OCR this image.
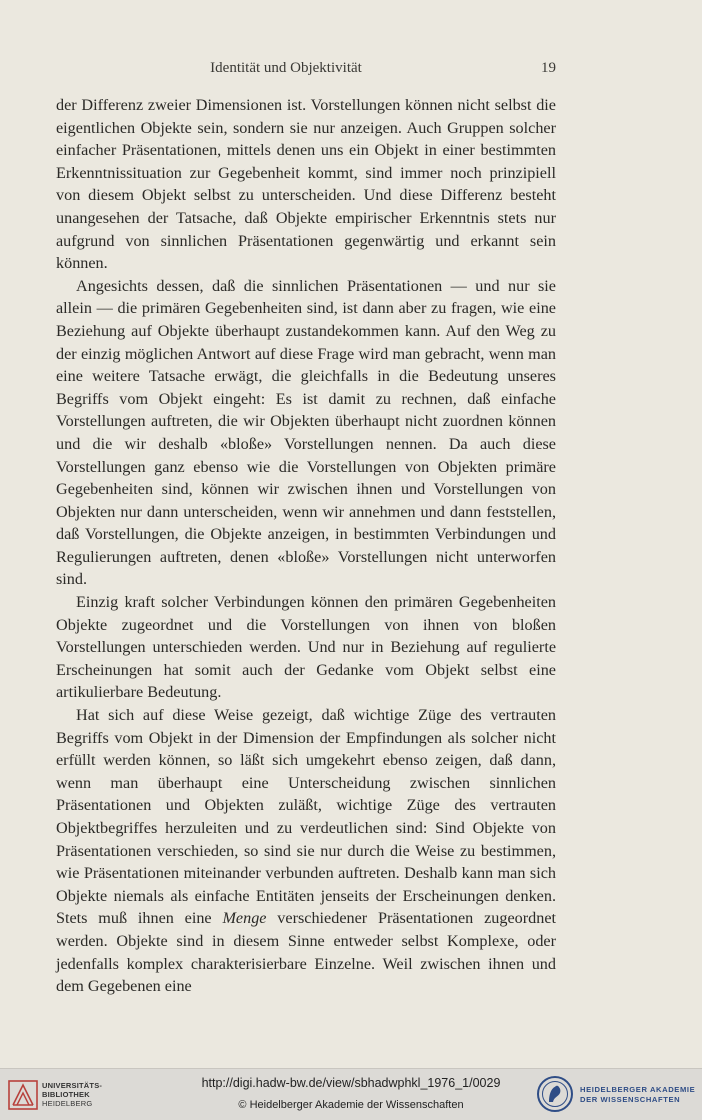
Identität und Objektivität	19

der Differenz zweier Dimensionen ist. Vorstellungen können nicht selbst die eigentlichen Objekte sein, sondern sie nur anzeigen. Auch Gruppen solcher einfacher Präsentationen, mittels denen uns ein Objekt in einer bestimmten Erkenntnissituation zur Gegebenheit kommt, sind immer noch prinzipiell von diesem Objekt selbst zu unterscheiden. Und diese Differenz besteht unangesehen der Tatsache, daß Objekte empirischer Erkenntnis stets nur aufgrund von sinnlichen Präsentationen gegenwärtig und erkannt sein können.

Angesichts dessen, daß die sinnlichen Präsentationen — und nur sie allein — die primären Gegebenheiten sind, ist dann aber zu fragen, wie eine Beziehung auf Objekte überhaupt zustandekommen kann. Auf den Weg zu der einzig möglichen Antwort auf diese Frage wird man gebracht, wenn man eine weitere Tatsache erwägt, die gleichfalls in die Bedeutung unseres Begriffs vom Objekt eingeht: Es ist damit zu rechnen, daß einfache Vorstellungen auftreten, die wir Objekten überhaupt nicht zuordnen können und die wir deshalb «bloße» Vorstellungen nennen. Da auch diese Vorstellungen ganz ebenso wie die Vorstellungen von Objekten primäre Gegebenheiten sind, können wir zwischen ihnen und Vorstellungen von Objekten nur dann unterscheiden, wenn wir annehmen und dann feststellen, daß Vorstellungen, die Objekte anzeigen, in bestimmten Verbindungen und Regulierungen auftreten, denen «bloße» Vorstellungen nicht unterworfen sind.

Einzig kraft solcher Verbindungen können den primären Gegebenheiten Objekte zugeordnet und die Vorstellungen von ihnen von bloßen Vorstellungen unterschieden werden. Und nur in Beziehung auf regulierte Erscheinungen hat somit auch der Gedanke vom Objekt selbst eine artikulierbare Bedeutung.

Hat sich auf diese Weise gezeigt, daß wichtige Züge des vertrauten Begriffs vom Objekt in der Dimension der Empfindungen als solcher nicht erfüllt werden können, so läßt sich umgekehrt ebenso zeigen, daß dann, wenn man überhaupt eine Unterscheidung zwischen sinnlichen Präsentationen und Objekten zuläßt, wichtige Züge des vertrauten Objektbegriffes herzuleiten und zu verdeutlichen sind: Sind Objekte von Präsentationen verschieden, so sind sie nur durch die Weise zu bestimmen, wie Präsentationen miteinander verbunden auftreten. Deshalb kann man sich Objekte niemals als einfache Entitäten jenseits der Erscheinungen denken. Stets muß ihnen eine Menge verschiedener Präsentationen zugeordnet werden. Objekte sind in diesem Sinne entweder selbst Komplexe, oder jedenfalls komplex charakterisierbare Einzelne. Weil zwischen ihnen und dem Gegebenen eine

UNIVERSITÄTS-
BIBLIOTHEK
HEIDELBERG
http://digi.hadw-bw.de/view/sbhadwphkl_1976_1/0029
© Heidelberger Akademie der Wissenschaften
HEIDELBERGER AKADEMIE
DER WISSENSCHAFTEN
